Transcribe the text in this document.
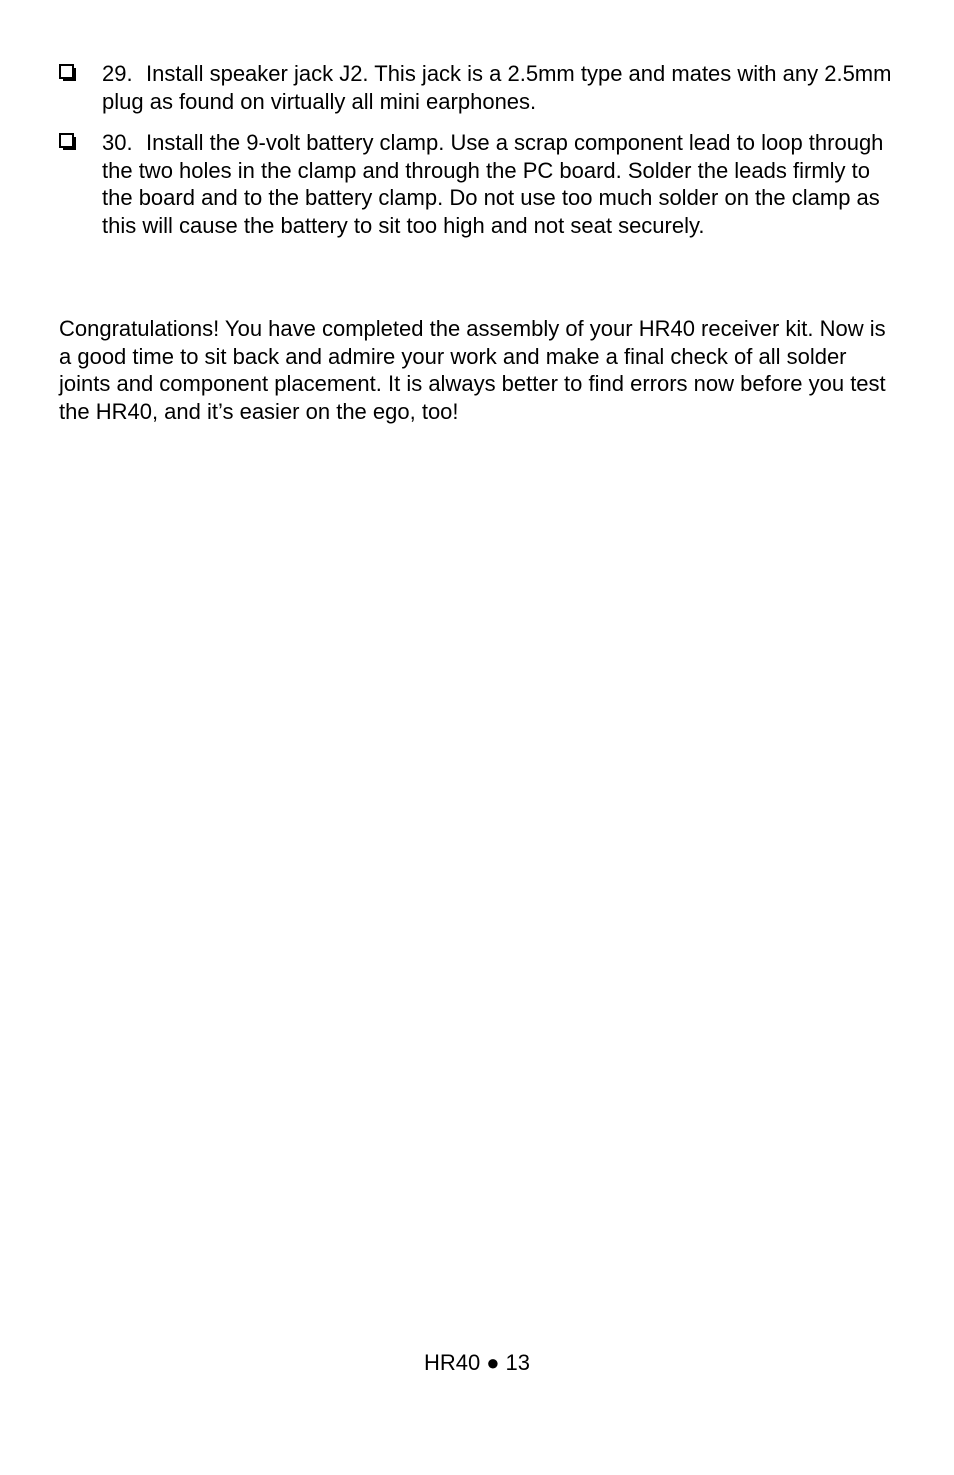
29. Install speaker jack J2. This jack is a 2.5mm type and mates with any 2.5mm plug as found on virtually all mini earphones.

30. Install the 9-volt battery clamp. Use a scrap component lead to loop through the two holes in the clamp and through the PC board. Solder the leads firmly to the board and to the battery clamp. Do not use too much solder on the clamp as this will cause the battery to sit too high and not seat securely.

Congratulations! You have completed the assembly of your HR40 receiver kit. Now is a good time to sit back and admire your work and make a final check of all solder joints and component placement. It is always better to find errors now before you test the HR40, and it’s easier on the ego, too!

HR40 ● 13
